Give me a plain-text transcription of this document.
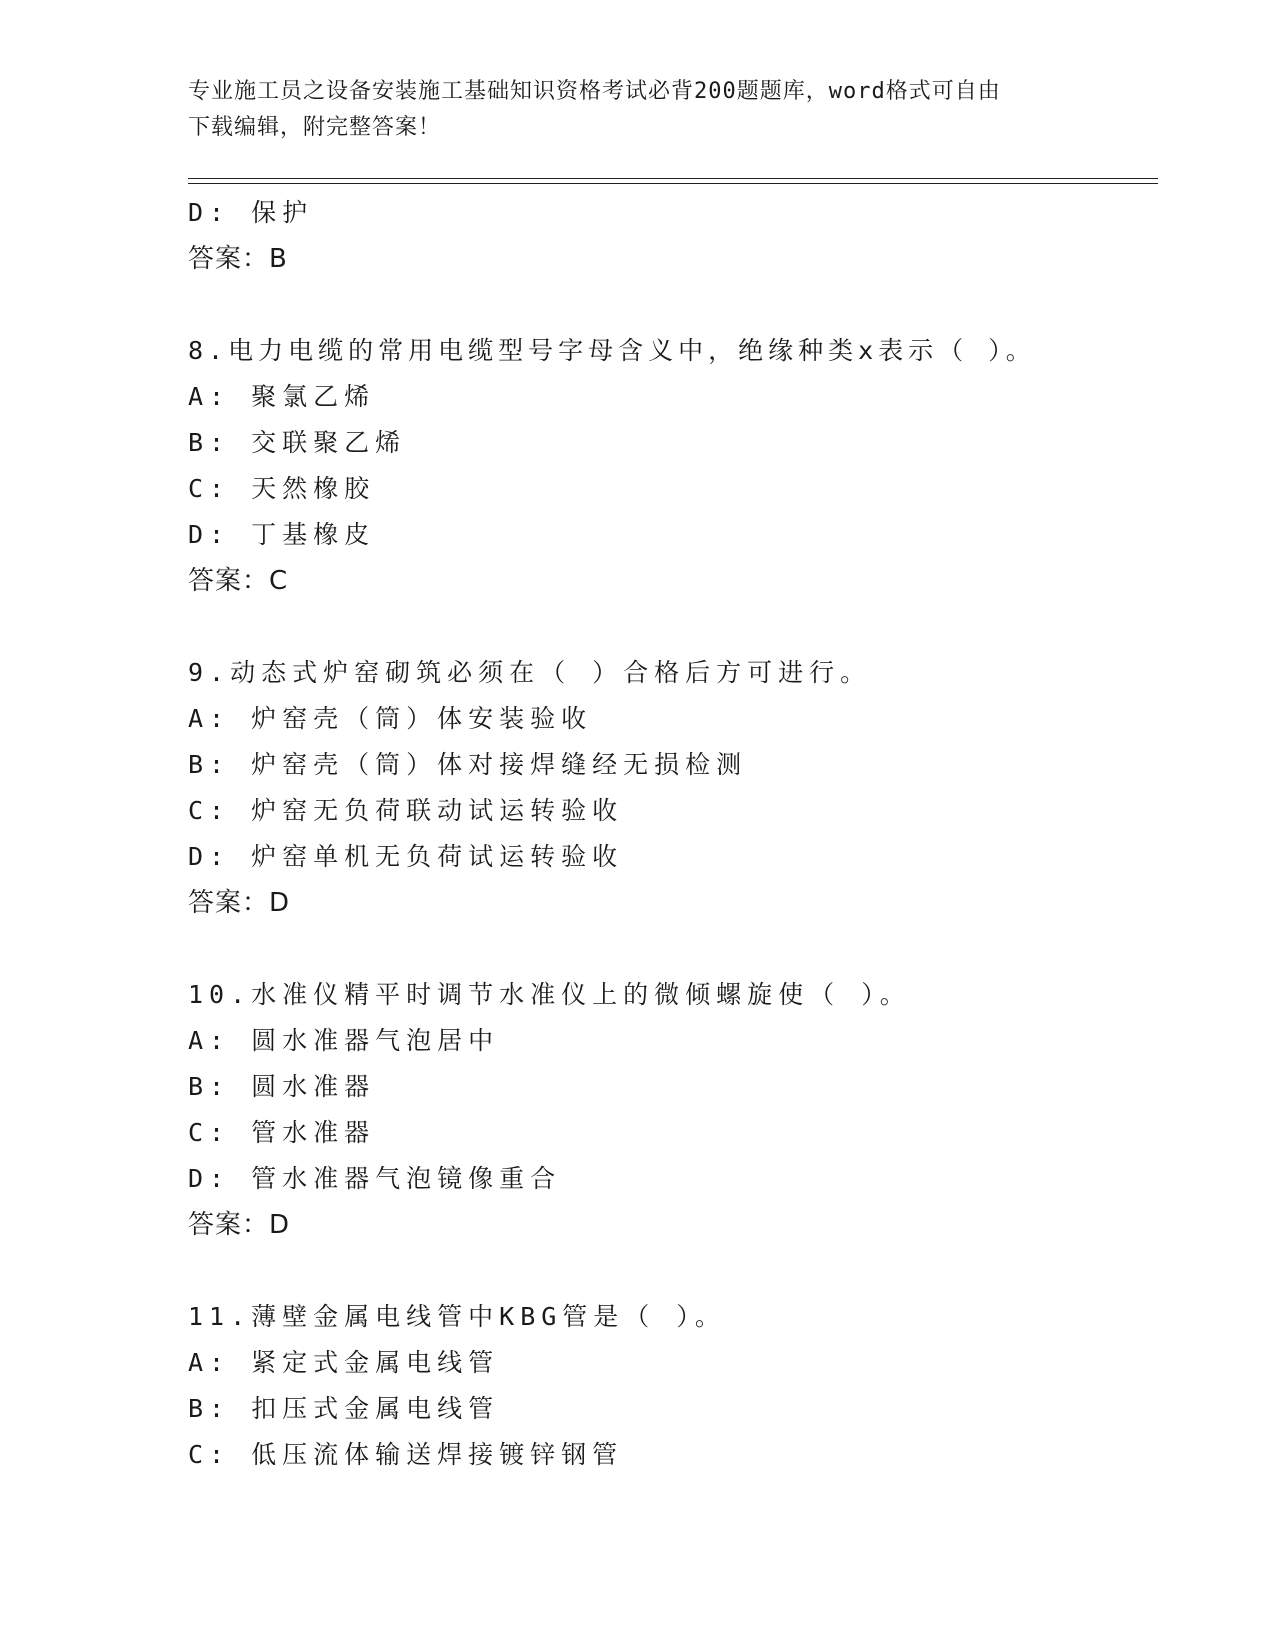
专业施工员之设备安装施工基础知识资格考试必背200题题库，word格式可自由
下载编辑，附完整答案！
D: 保护
答案：B
8.电力电缆的常用电缆型号字母含义中，绝缘种类x表示（ ）。
A: 聚氯乙烯
B: 交联聚乙烯
C: 天然橡胶
D: 丁基橡皮
答案：C
9.动态式炉窑砌筑必须在（ ）合格后方可进行。
A: 炉窑壳（筒）体安装验收
B: 炉窑壳（筒）体对接焊缝经无损检测
C: 炉窑无负荷联动试运转验收
D: 炉窑单机无负荷试运转验收
答案：D
10.水准仪精平时调节水准仪上的微倾螺旋使（ ）。
A: 圆水准器气泡居中
B: 圆水准器
C: 管水准器
D: 管水准器气泡镜像重合
答案：D
11.薄壁金属电线管中KBG管是（ ）。
A: 紧定式金属电线管
B: 扣压式金属电线管
C: 低压流体输送焊接镀锌钢管
